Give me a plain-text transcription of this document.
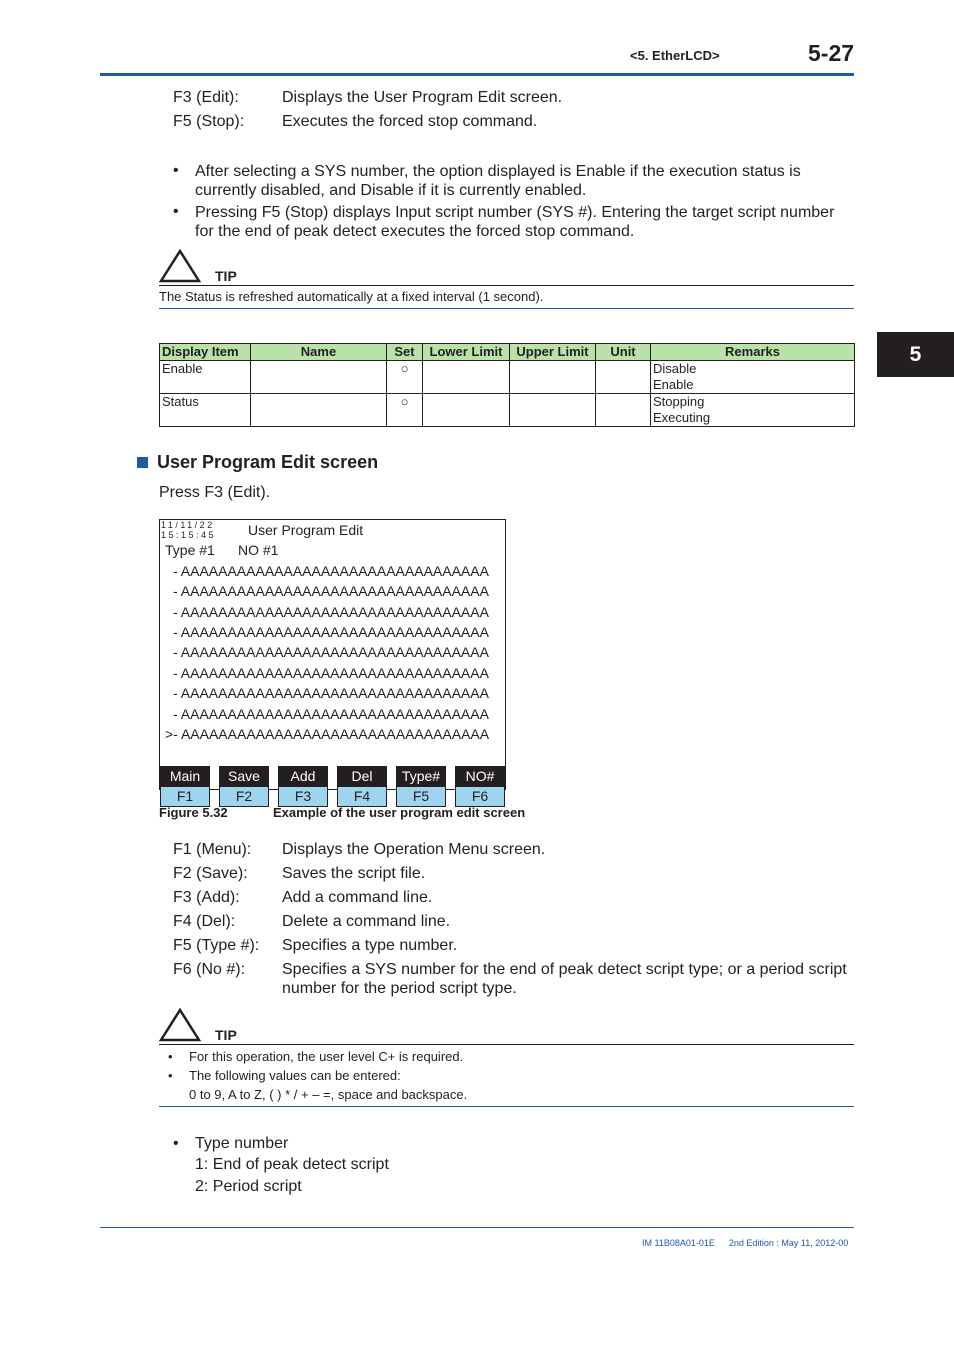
<5. EtherLCD>	5-27
5
F3 (Edit):	Displays the User Program Edit screen.
F5 (Stop): Executes the forced stop command.
• After selecting a SYS number, the option displayed is Enable if the execution status is
currently disabled, and Disable if it is currently enabled.
• Pressing F5 (Stop) displays Input script number (SYS #). Entering the target script number
for the end of peak detect executes the forced stop command.
TIP
The Status is refreshed automatically at a fixed interval (1 second).
Display Item	Name	Set	Lower Limit	Upper Limit	Unit	Remarks
Enable		○				Disable
Enable

Status		○				Stopping
Executing
User Program Edit screen
Press F3 (Edit).
11/11/22
15:15:45 User Program Edit
Type #1 NO #1
- AAAAAAAAAAAAAAAAAAAAAAAAAAAAAAAAA
- AAAAAAAAAAAAAAAAAAAAAAAAAAAAAAAAA
- AAAAAAAAAAAAAAAAAAAAAAAAAAAAAAAAA
- AAAAAAAAAAAAAAAAAAAAAAAAAAAAAAAAA
- AAAAAAAAAAAAAAAAAAAAAAAAAAAAAAAAA
- AAAAAAAAAAAAAAAAAAAAAAAAAAAAAAAAA
- AAAAAAAAAAAAAAAAAAAAAAAAAAAAAAAAA
- AAAAAAAAAAAAAAAAAAAAAAAAAAAAAAAAA
>- AAAAAAAAAAAAAAAAAAAAAAAAAAAAAAAAA
Main	Save	Add	Del	Type#	NO#
F1	F2	F3	F4	F5	F6
Figure 5.32	Example of the user program edit screen
F1 (Menu): Displays the Operation Menu screen.
F2 (Save): Saves the script file.
F3 (Add):	Add a command line.
F4 (Del):	Delete a command line.
F5 (Type #): Specifies a type number.
F6 (No #): Specifies a SYS number for the end of peak detect script type; or a period script
number for the period script type.
TIP
• For this operation, the user level C+ is required.
• The following values can be entered:
0 to 9, A to Z, ( ) * / + – =, space and backspace.
• Type number
1: End of peak detect script
2: Period script
IM 11B08A01-01E 2nd Edition : May 11, 2012-00
